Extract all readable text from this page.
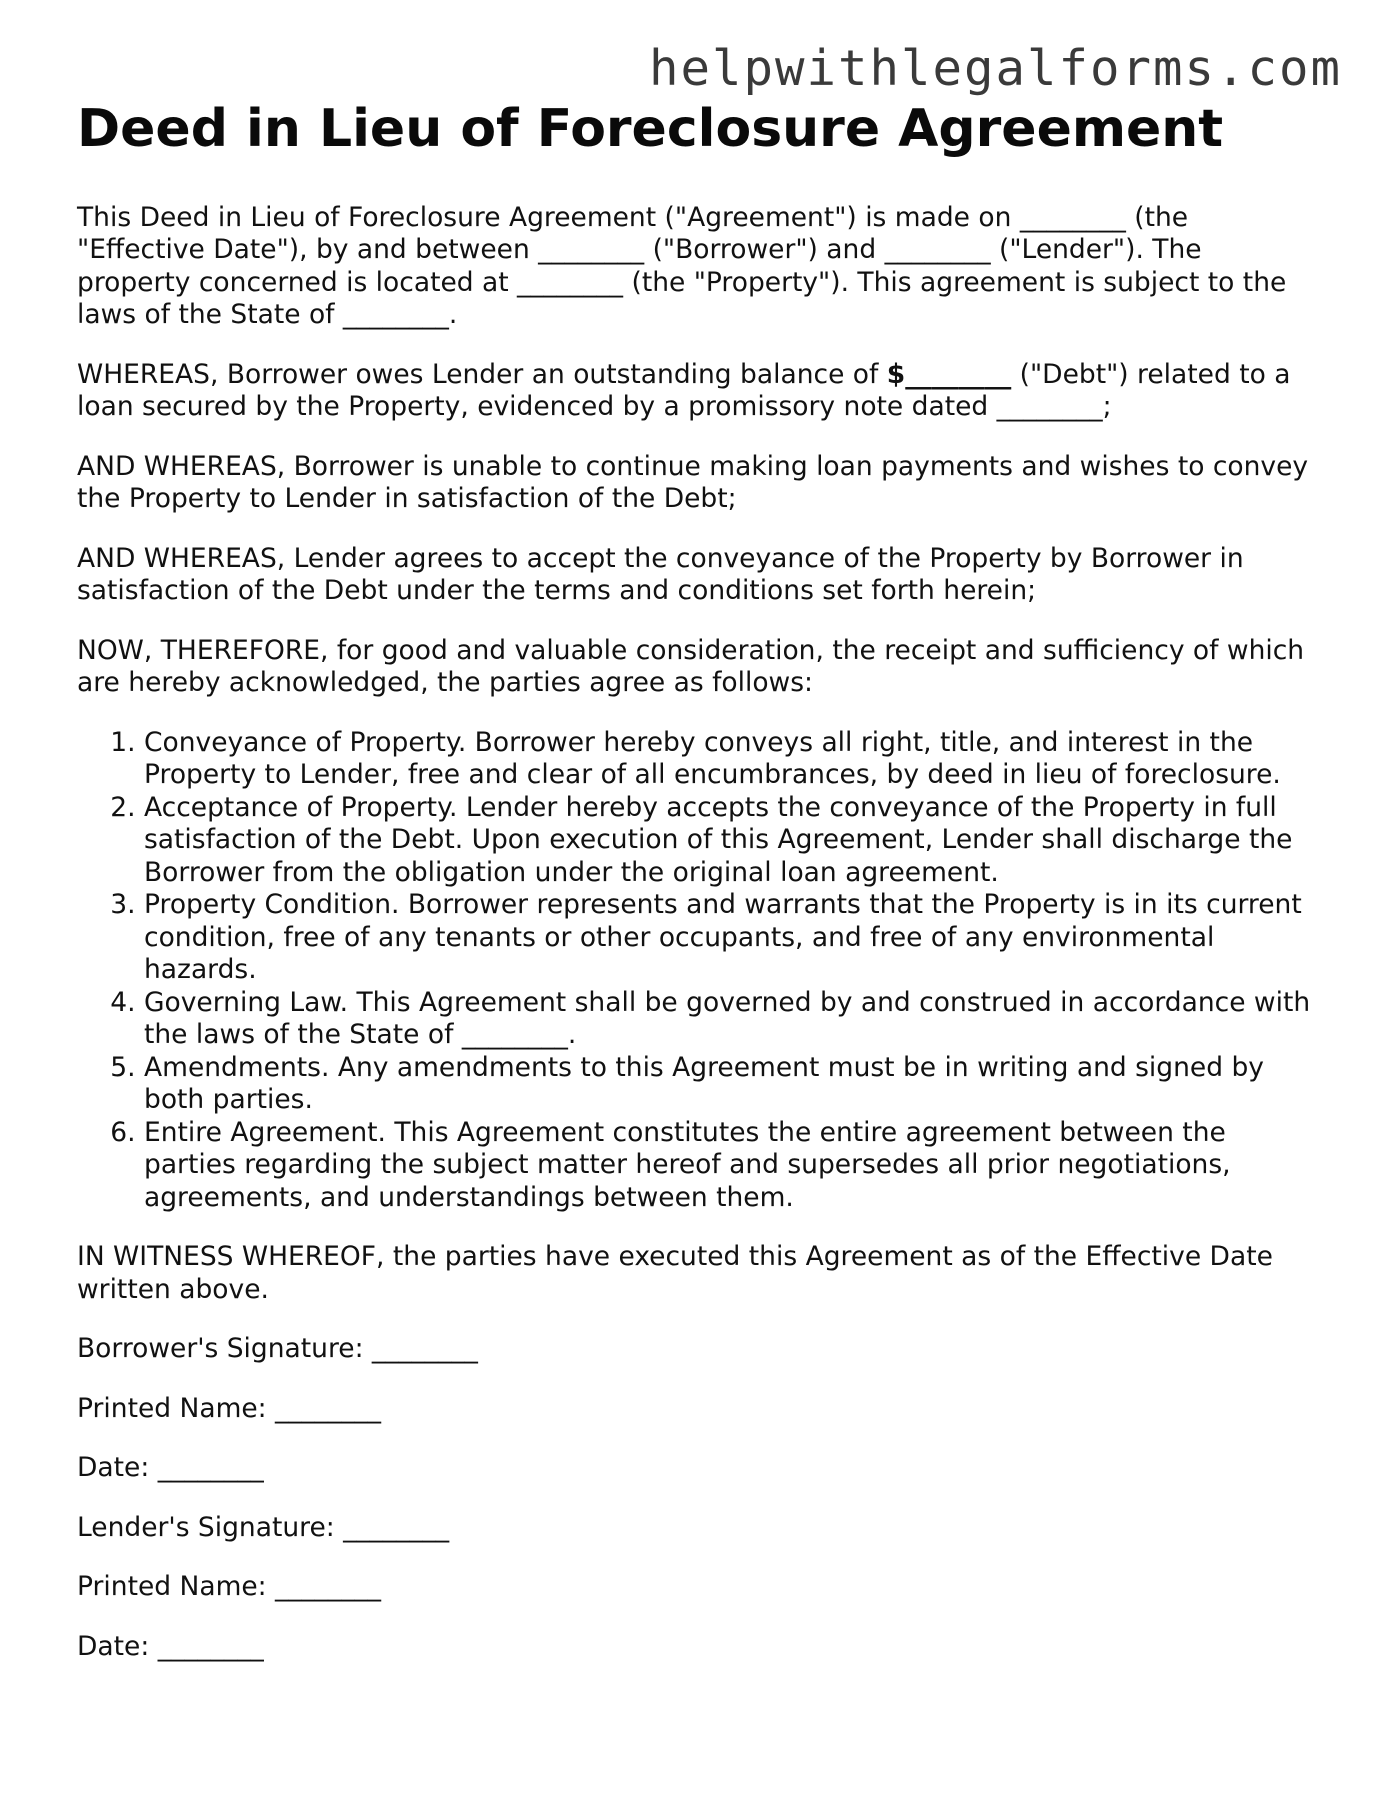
helpwithlegalforms.com
Deed in Lieu of Foreclosure Agreement

This Deed in Lieu of Foreclosure Agreement ("Agreement") is made on ________ (the "Effective Date"), by and between ________ ("Borrower") and ________ ("Lender"). The property concerned is located at ________ (the "Property"). This agreement is subject to the laws of the State of ________.

WHEREAS, Borrower owes Lender an outstanding balance of $________ ("Debt") related to a loan secured by the Property, evidenced by a promissory note dated ________;

AND WHEREAS, Borrower is unable to continue making loan payments and wishes to convey the Property to Lender in satisfaction of the Debt;

AND WHEREAS, Lender agrees to accept the conveyance of the Property by Borrower in satisfaction of the Debt under the terms and conditions set forth herein;

NOW, THEREFORE, for good and valuable consideration, the receipt and sufficiency of which are hereby acknowledged, the parties agree as follows:

1. Conveyance of Property. Borrower hereby conveys all right, title, and interest in the Property to Lender, free and clear of all encumbrances, by deed in lieu of foreclosure.
2. Acceptance of Property. Lender hereby accepts the conveyance of the Property in full satisfaction of the Debt. Upon execution of this Agreement, Lender shall discharge the Borrower from the obligation under the original loan agreement.
3. Property Condition. Borrower represents and warrants that the Property is in its current condition, free of any tenants or other occupants, and free of any environmental hazards.
4. Governing Law. This Agreement shall be governed by and construed in accordance with the laws of the State of ________.
5. Amendments. Any amendments to this Agreement must be in writing and signed by both parties.
6. Entire Agreement. This Agreement constitutes the entire agreement between the parties regarding the subject matter hereof and supersedes all prior negotiations, agreements, and understandings between them.

IN WITNESS WHEREOF, the parties have executed this Agreement as of the Effective Date written above.

Borrower's Signature: ________

Printed Name: ________

Date: ________

Lender's Signature: ________

Printed Name: ________

Date: ________
